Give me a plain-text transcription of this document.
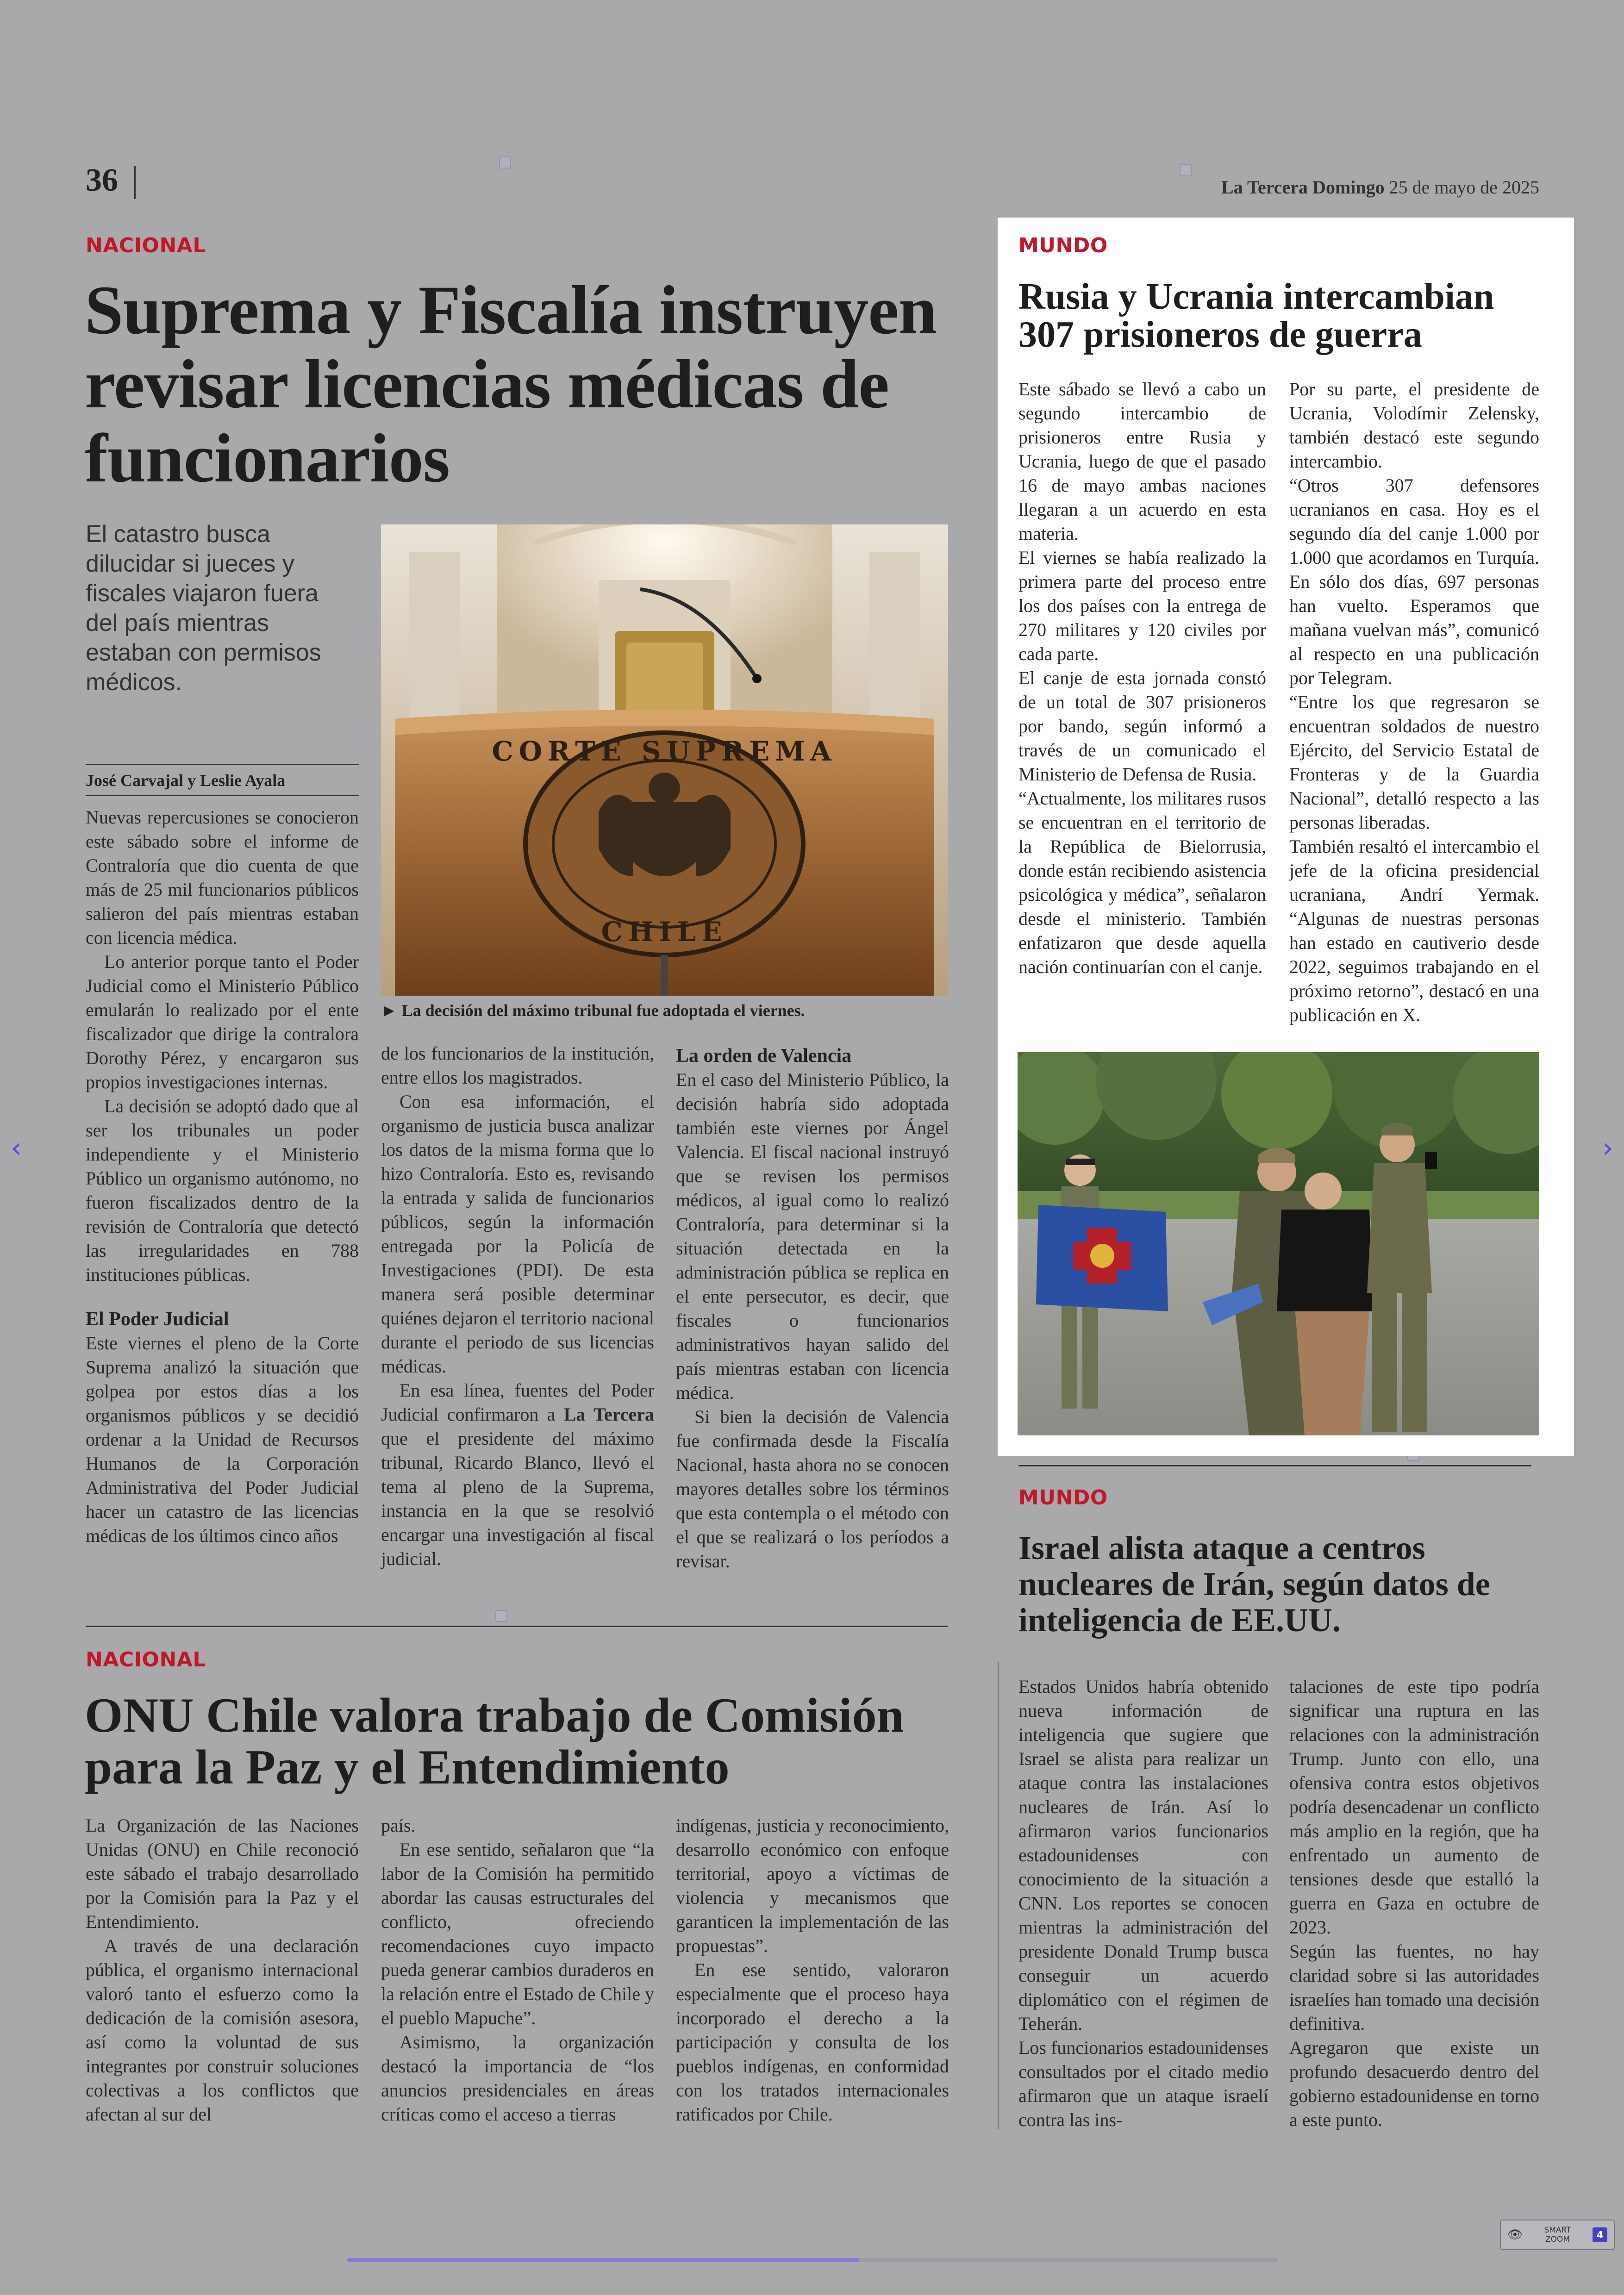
36	La Tercera Domingo 25 de mayo de 2025
NACIONAL
Suprema y Fiscalía instruyen revisar licencias médicas de funcionarios
El catastro busca dilucidar si jueces y fiscales viajaron fuera del país mientras estaban con permisos médicos.
José Carvajal y Leslie Ayala
CORTE SUPREMA
CHILE
► La decisión del máximo tribunal fue adoptada el viernes.

Nuevas repercusiones se conocieron este sábado sobre el informe de Contraloría que dio cuenta de que más de 25 mil funcionarios públicos salieron del país mientras estaban con licencia médica.

Lo anterior porque tanto el Poder Judicial como el Ministerio Público emularán lo realizado por el ente fiscalizador que dirige la contralora Dorothy Pérez, y encargaron sus propios investigaciones internas.

La decisión se adoptó dado que al ser los tribunales un poder independiente y el Ministerio Público un organismo autónomo, no fueron fiscalizados dentro de la revisión de Contraloría que detectó las irregularidades en 788 instituciones públicas.

El Poder Judicial

Este viernes el pleno de la Corte Suprema analizó la situación que golpea por estos días a los organismos públicos y se decidió ordenar a la Unidad de Recursos Humanos de la Corporación Administrativa del Poder Judicial hacer un catastro de las licencias médicas de los últimos cinco años

de los funcionarios de la institución, entre ellos los magistrados.

Con esa información, el organismo de justicia busca analizar los datos de la misma forma que lo hizo Contraloría. Esto es, revisando la entrada y salida de funcionarios públicos, según la información entregada por la Policía de Investigaciones (PDI). De esta manera será posible determinar quiénes dejaron el territorio nacional durante el periodo de sus licencias médicas.

En esa línea, fuentes del Poder Judicial confirmaron a La Tercera que el presidente del máximo tribunal, Ricardo Blanco, llevó el tema al pleno de la Suprema, instancia en la que se resolvió encargar una investigación al fiscal judicial.

La orden de Valencia

En el caso del Ministerio Público, la decisión habría sido adoptada también este viernes por Ángel Valencia. El fiscal nacional instruyó que se revisen los permisos médicos, al igual como lo realizó Contraloría, para determinar si la situación detectada en la administración pública se replica en el ente persecutor, es decir, que fiscales o funcionarios administrativos hayan salido del país mientras estaban con licencia médica.

Si bien la decisión de Valencia fue confirmada desde la Fiscalía Nacional, hasta ahora no se conocen mayores detalles sobre los términos que esta contempla o el método con el que se realizará o los períodos a revisar.

NACIONAL
ONU Chile valora trabajo de Comisión para la Paz y el Entendimiento

La Organización de las Naciones Unidas (ONU) en Chile reconoció este sábado el trabajo desarrollado por la Comisión para la Paz y el Entendimiento.

A través de una declaración pública, el organismo internacional valoró tanto el esfuerzo como la dedicación de la comisión asesora, así como la voluntad de sus integrantes por construir soluciones colectivas a los conflictos que afectan al sur del

país.

En ese sentido, señalaron que “la labor de la Comisión ha permitido abordar las causas estructurales del conflicto, ofreciendo recomendaciones cuyo impacto pueda generar cambios duraderos en la relación entre el Estado de Chile y el pueblo Mapuche”.

Asimismo, la organización destacó la importancia de “los anuncios presidenciales en áreas críticas como el acceso a tierras

indígenas, justicia y reconocimiento, desarrollo económico con enfoque territorial, apoyo a víctimas de violencia y mecanismos que garanticen la implementación de las propuestas”.

En ese sentido, valoraron especialmente que el proceso haya incorporado el derecho a la participación y consulta de los pueblos indígenas, en conformidad con los tratados internacionales ratificados por Chile.

MUNDO
Rusia y Ucrania intercambian 307 prisioneros de guerra

Este sábado se llevó a cabo un segundo intercambio de prisioneros entre Rusia y Ucrania, luego de que el pasado 16 de mayo ambas naciones llegaran a un acuerdo en esta materia.

El viernes se había realizado la primera parte del proceso entre los dos países con la entrega de 270 militares y 120 civiles por cada parte.

El canje de esta jornada constó de un total de 307 prisioneros por bando, según informó a través de un comunicado el Ministerio de Defensa de Rusia.

“Actualmente, los militares rusos se encuentran en el territorio de la República de Bielorrusia, donde están recibiendo asistencia psicológica y médica”, señalaron desde el ministerio. También enfatizaron que desde aquella nación continuarían con el canje.

Por su parte, el presidente de Ucrania, Volodímir Zelensky, también destacó este segundo intercambio.

“Otros 307 defensores ucranianos en casa. Hoy es el segundo día del canje 1.000 por 1.000 que acordamos en Turquía. En sólo dos días, 697 personas han vuelto. Esperamos que mañana vuelvan más”, comunicó al respecto en una publicación por Telegram.

“Entre los que regresaron se encuentran soldados de nuestro Ejército, del Servicio Estatal de Fronteras y de la Guardia Nacional”, detalló respecto a las personas liberadas.

También resaltó el intercambio el jefe de la oficina presidencial ucraniana, Andrí Yermak. “Algunas de nuestras personas han estado en cautiverio desde 2022, seguimos trabajando en el próximo retorno”, destacó en una publicación en X.

MUNDO
Israel alista ataque a centros nucleares de Irán, según datos de inteligencia de EE.UU.

Estados Unidos habría obtenido nueva información de inteligencia que sugiere que Israel se alista para realizar un ataque contra las instalaciones nucleares de Irán. Así lo afirmaron varios funcionarios estadounidenses con conocimiento de la situación a CNN. Los reportes se conocen mientras la administración del presidente Donald Trump busca conseguir un acuerdo diplomático con el régimen de Teherán.

Los funcionarios estadounidenses consultados por el citado medio afirmaron que un ataque israelí contra las ins-

talaciones de este tipo podría significar una ruptura en las relaciones con la administración Trump. Junto con ello, una ofensiva contra estos objetivos podría desencadenar un conflicto más amplio en la región, que ha enfrentado un aumento de tensiones desde que estalló la guerra en Gaza en octubre de 2023.

Según las fuentes, no hay claridad sobre si las autoridades israelíes han tomado una decisión definitiva.

Agregaron que existe un profundo desacuerdo dentro del gobierno estadounidense en torno a este punto.

‹	›
👁	SMART ZOOM	4
